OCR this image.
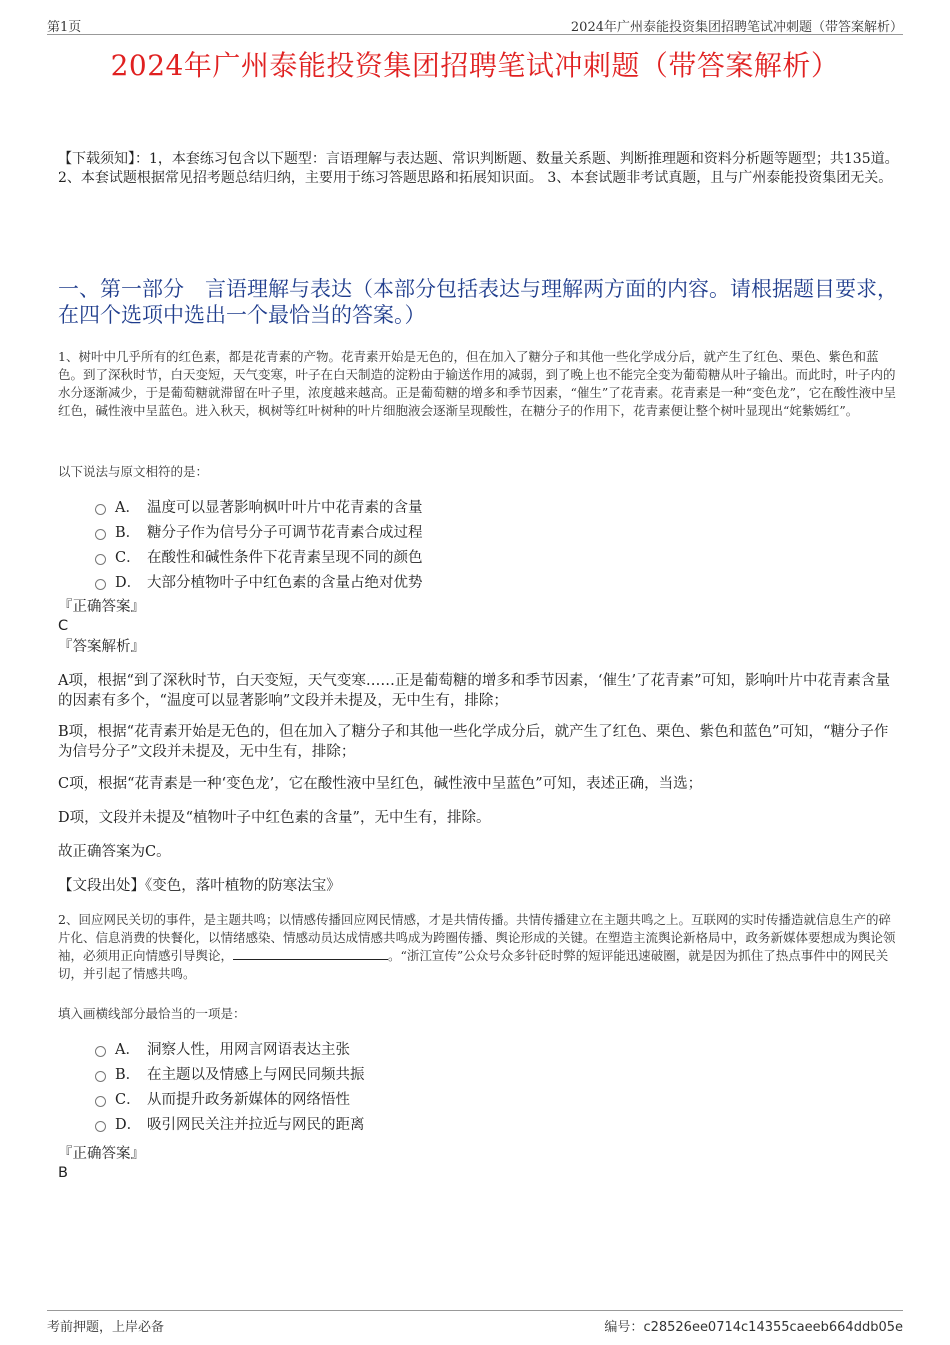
第1页	2024年广州泰能投资集团招聘笔试冲刺题（带答案解析）
2024年广州泰能投资集团招聘笔试冲刺题（带答案解析）
【下载须知】：1，本套练习包含以下题型：言语理解与表达题、常识判断题、数量关系题、判断推理题和资料分析题等题型；共135道。 2、本套试题根据常见招考题总结归纳，主要用于练习答题思路和拓展知识面。 3、本套试题非考试真题，且与广州泰能投资集团无关。
一、第一部分　言语理解与表达（本部分包括表达与理解两方面的内容。请根据题目要求，在四个选项中选出一个最恰当的答案。）
1、树叶中几乎所有的红色素，都是花青素的产物。花青素开始是无色的，但在加入了糖分子和其他一些化学成分后，就产生了红色、栗色、紫色和蓝色。到了深秋时节，白天变短，天气变寒，叶子在白天制造的淀粉由于输送作用的减弱，到了晚上也不能完全变为葡萄糖从叶子输出。而此时，叶子内的水分逐渐减少，于是葡萄糖就滞留在叶子里，浓度越来越高。正是葡萄糖的增多和季节因素，“催生”了花青素。花青素是一种“变色龙”，它在酸性液中呈红色，碱性液中呈蓝色。进入秋天，枫树等红叶树种的叶片细胞液会逐渐呈现酸性，在糖分子的作用下，花青素便让整个树叶显现出“姹紫嫣红”。
以下说法与原文相符的是：
A． 温度可以显著影响枫叶叶片中花青素的含量
B． 糖分子作为信号分子可调节花青素合成过程
C． 在酸性和碱性条件下花青素呈现不同的颜色
D． 大部分植物叶子中红色素的含量占绝对优势
『正确答案』
C
『答案解析』
A项，根据“到了深秋时节，白天变短，天气变寒……正是葡萄糖的增多和季节因素，‘催生’了花青素”可知，影响叶片中花青素含量的因素有多个，“温度可以显著影响”文段并未提及，无中生有，排除；
B项，根据“花青素开始是无色的，但在加入了糖分子和其他一些化学成分后，就产生了红色、栗色、紫色和蓝色”可知，“糖分子作为信号分子”文段并未提及，无中生有，排除；
C项，根据“花青素是一种‘变色龙’，它在酸性液中呈红色，碱性液中呈蓝色”可知，表述正确，当选；
D项，文段并未提及“植物叶子中红色素的含量”，无中生有，排除。
故正确答案为C。
【文段出处】《变色，落叶植物的防寒法宝》
2、回应网民关切的事件，是主题共鸣；以情感传播回应网民情感，才是共情传播。共情传播建立在主题共鸣之上。互联网的实时传播造就信息生产的碎片化、信息消费的快餐化，以情绪感染、情感动员达成情感共鸣成为跨圈传播、舆论形成的关键。在塑造主流舆论新格局中，政务新媒体要想成为舆论领袖，必须用正向情感引导舆论，	。“浙江宣传”公众号众多针砭时弊的短评能迅速破圈，就是因为抓住了热点事件中的网民关切，并引起了情感共鸣。
填入画横线部分最恰当的一项是：
A． 洞察人性，用网言网语表达主张
B． 在主题以及情感上与网民同频共振
C． 从而提升政务新媒体的网络悟性
D． 吸引网民关注并拉近与网民的距离
『正确答案』
B
考前押题，上岸必备	编号：c28526ee0714c14355caeeb664ddb05e
